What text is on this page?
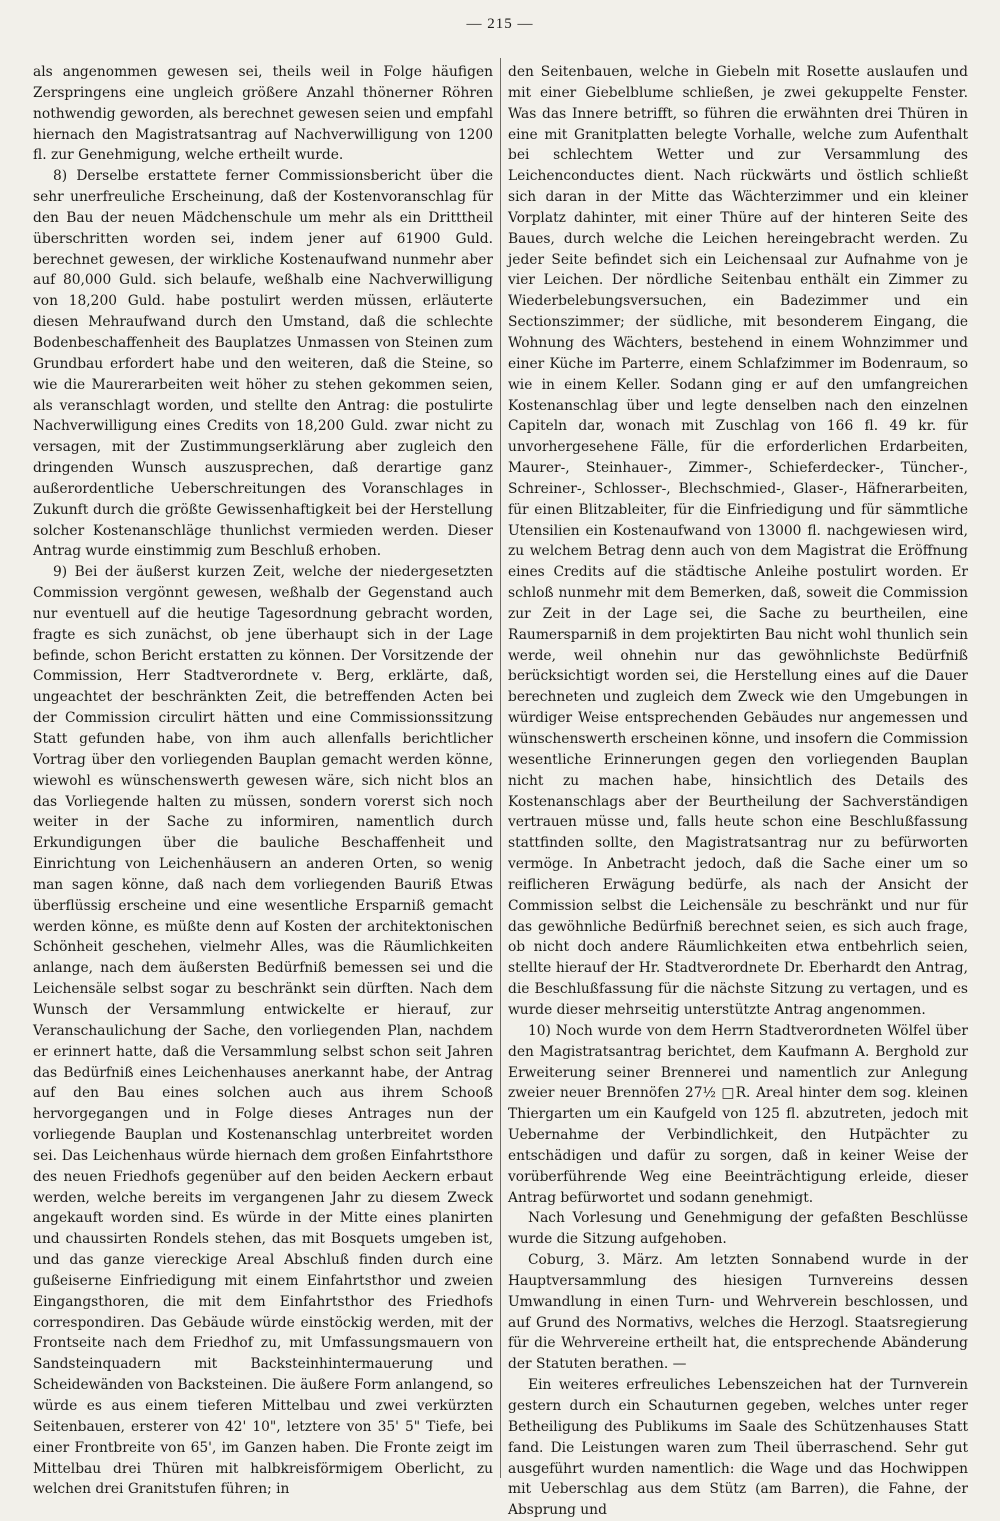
— 215 —

als angenommen gewesen sei, theils weil in Folge häufigen Zerspringens eine ungleich größere Anzahl thönerner Röhren nothwendig geworden, als berechnet gewesen seien und empfahl hiernach den Magistratsantrag auf Nachverwilligung von 1200 fl. zur Genehmigung, welche ertheilt wurde.

8) Derselbe erstattete ferner Commissionsbericht über die sehr unerfreuliche Erscheinung, daß der Kostenvoranschlag für den Bau der neuen Mädchenschule um mehr als ein Dritttheil überschritten worden sei, indem jener auf 61900 Guld. berechnet gewesen, der wirkliche Kostenaufwand nunmehr aber auf 80,000 Guld. sich belaufe, weßhalb eine Nachverwilligung von 18,200 Guld. habe postulirt werden müssen, erläuterte diesen Mehraufwand durch den Umstand, daß die schlechte Bodenbeschaffenheit des Bauplatzes Unmassen von Steinen zum Grundbau erfordert habe und den weiteren, daß die Steine, so wie die Maurerarbeiten weit höher zu stehen gekommen seien, als veranschlagt worden, und stellte den Antrag: die postulirte Nachverwilligung eines Credits von 18,200 Guld. zwar nicht zu versagen, mit der Zustimmungserklärung aber zugleich den dringenden Wunsch auszusprechen, daß derartige ganz außerordentliche Ueberschreitungen des Voranschlages in Zukunft durch die größte Gewissenhaftigkeit bei der Herstellung solcher Kostenanschläge thunlichst vermieden werden. Dieser Antrag wurde einstimmig zum Beschluß erhoben.

9) Bei der äußerst kurzen Zeit, welche der niedergesetzten Commission vergönnt gewesen, weßhalb der Gegenstand auch nur eventuell auf die heutige Tagesordnung gebracht worden, fragte es sich zunächst, ob jene überhaupt sich in der Lage befinde, schon Bericht erstatten zu können. Der Vorsitzende der Commission, Herr Stadtverordnete v. Berg, erklärte, daß, ungeachtet der beschränkten Zeit, die betreffenden Acten bei der Commission circulirt hätten und eine Commissionssitzung Statt gefunden habe, von ihm auch allenfalls berichtlicher Vortrag über den vorliegenden Bauplan gemacht werden könne, wiewohl es wünschenswerth gewesen wäre, sich nicht blos an das Vorliegende halten zu müssen, sondern vorerst sich noch weiter in der Sache zu informiren, namentlich durch Erkundigungen über die bauliche Beschaffenheit und Einrichtung von Leichenhäusern an anderen Orten, so wenig man sagen könne, daß nach dem vorliegenden Bauriß Etwas überflüssig erscheine und eine wesentliche Ersparniß gemacht werden könne, es müßte denn auf Kosten der architektonischen Schönheit geschehen, vielmehr Alles, was die Räumlichkeiten anlange, nach dem äußersten Bedürfniß bemessen sei und die Leichensäle selbst sogar zu beschränkt sein dürften. Nach dem Wunsch der Versammlung entwickelte er hierauf, zur Veranschaulichung der Sache, den vorliegenden Plan, nachdem er erinnert hatte, daß die Versammlung selbst schon seit Jahren das Bedürfniß eines Leichenhauses anerkannt habe, der Antrag auf den Bau eines solchen auch aus ihrem Schooß hervorgegangen und in Folge dieses Antrages nun der vorliegende Bauplan und Kostenanschlag unterbreitet worden sei. Das Leichenhaus würde hiernach dem großen Einfahrtsthore des neuen Friedhofs gegenüber auf den beiden Aeckern erbaut werden, welche bereits im vergangenen Jahr zu diesem Zweck angekauft worden sind. Es würde in der Mitte eines planirten und chaussirten Rondels stehen, das mit Bosquets umgeben ist, und das ganze viereckige Areal Abschluß finden durch eine gußeiserne Einfriedigung mit einem Einfahrtsthor und zweien Eingangsthoren, die mit dem Einfahrtsthor des Friedhofs correspondiren. Das Gebäude würde einstöckig werden, mit der Frontseite nach dem Friedhof zu, mit Umfassungsmauern von Sandsteinquadern mit Backsteinhintermauerung und Scheidewänden von Backsteinen. Die äußere Form anlangend, so würde es aus einem tieferen Mittelbau und zwei verkürzten Seitenbauen, ersterer von 42' 10", letztere von 35' 5" Tiefe, bei einer Frontbreite von 65', im Ganzen haben. Die Fronte zeigt im Mittelbau drei Thüren mit halbkreisförmigem Oberlicht, zu welchen drei Granitstufen führen; in

den Seitenbauen, welche in Giebeln mit Rosette auslaufen und mit einer Giebelblume schließen, je zwei gekuppelte Fenster. Was das Innere betrifft, so führen die erwähnten drei Thüren in eine mit Granitplatten belegte Vorhalle, welche zum Aufenthalt bei schlechtem Wetter und zur Versammlung des Leichenconductes dient. Nach rückwärts und östlich schließt sich daran in der Mitte das Wächterzimmer und ein kleiner Vorplatz dahinter, mit einer Thüre auf der hinteren Seite des Baues, durch welche die Leichen hereingebracht werden. Zu jeder Seite befindet sich ein Leichensaal zur Aufnahme von je vier Leichen. Der nördliche Seitenbau enthält ein Zimmer zu Wiederbelebungsversuchen, ein Badezimmer und ein Sectionszimmer; der südliche, mit besonderem Eingang, die Wohnung des Wächters, bestehend in einem Wohnzimmer und einer Küche im Parterre, einem Schlafzimmer im Bodenraum, so wie in einem Keller. Sodann ging er auf den umfangreichen Kostenanschlag über und legte denselben nach den einzelnen Capiteln dar, wonach mit Zuschlag von 166 fl. 49 kr. für unvorhergesehene Fälle, für die erforderlichen Erdarbeiten, Maurer-, Steinhauer-, Zimmer-, Schieferdecker-, Tüncher-, Schreiner-, Schlosser-, Blechschmied-, Glaser-, Häfnerarbeiten, für einen Blitzableiter, für die Einfriedigung und für sämmtliche Utensilien ein Kostenaufwand von 13000 fl. nachgewiesen wird, zu welchem Betrag denn auch von dem Magistrat die Eröffnung eines Credits auf die städtische Anleihe postulirt worden. Er schloß nunmehr mit dem Bemerken, daß, soweit die Commission zur Zeit in der Lage sei, die Sache zu beurtheilen, eine Raumersparniß in dem projektirten Bau nicht wohl thunlich sein werde, weil ohnehin nur das gewöhnlichste Bedürfniß berücksichtigt worden sei, die Herstellung eines auf die Dauer berechneten und zugleich dem Zweck wie den Umgebungen in würdiger Weise entsprechenden Gebäudes nur angemessen und wünschenswerth erscheinen könne, und insofern die Commission wesentliche Erinnerungen gegen den vorliegenden Bauplan nicht zu machen habe, hinsichtlich des Details des Kostenanschlags aber der Beurtheilung der Sachverständigen vertrauen müsse und, falls heute schon eine Beschlußfassung stattfinden sollte, den Magistratsantrag nur zu befürworten vermöge. In Anbetracht jedoch, daß die Sache einer um so reiflicheren Erwägung bedürfe, als nach der Ansicht der Commission selbst die Leichensäle zu beschränkt und nur für das gewöhnliche Bedürfniß berechnet seien, es sich auch frage, ob nicht doch andere Räumlichkeiten etwa entbehrlich seien, stellte hierauf der Hr. Stadtverordnete Dr. Eberhardt den Antrag, die Beschlußfassung für die nächste Sitzung zu vertagen, und es wurde dieser mehrseitig unterstützte Antrag angenommen.

10) Noch wurde von dem Herrn Stadtverordneten Wölfel über den Magistratsantrag berichtet, dem Kaufmann A. Berghold zur Erweiterung seiner Brennerei und namentlich zur Anlegung zweier neuer Brennöfen 27½ □R. Areal hinter dem sog. kleinen Thiergarten um ein Kaufgeld von 125 fl. abzutreten, jedoch mit Uebernahme der Verbindlichkeit, den Hutpächter zu entschädigen und dafür zu sorgen, daß in keiner Weise der vorüberführende Weg eine Beeinträchtigung erleide, dieser Antrag befürwortet und sodann genehmigt.

Nach Vorlesung und Genehmigung der gefaßten Beschlüsse wurde die Sitzung aufgehoben.

Coburg, 3. März. Am letzten Sonnabend wurde in der Hauptversammlung des hiesigen Turnvereins dessen Umwandlung in einen Turn- und Wehrverein beschlossen, und auf Grund des Normativs, welches die Herzogl. Staatsregierung für die Wehrvereine ertheilt hat, die entsprechende Abänderung der Statuten berathen. —

Ein weiteres erfreuliches Lebenszeichen hat der Turnverein gestern durch ein Schauturnen gegeben, welches unter reger Betheiligung des Publikums im Saale des Schützenhauses Statt fand. Die Leistungen waren zum Theil überraschend. Sehr gut ausgeführt wurden namentlich: die Wage und das Hochwippen mit Ueberschlag aus dem Stütz (am Barren), die Fahne, der Absprung und
